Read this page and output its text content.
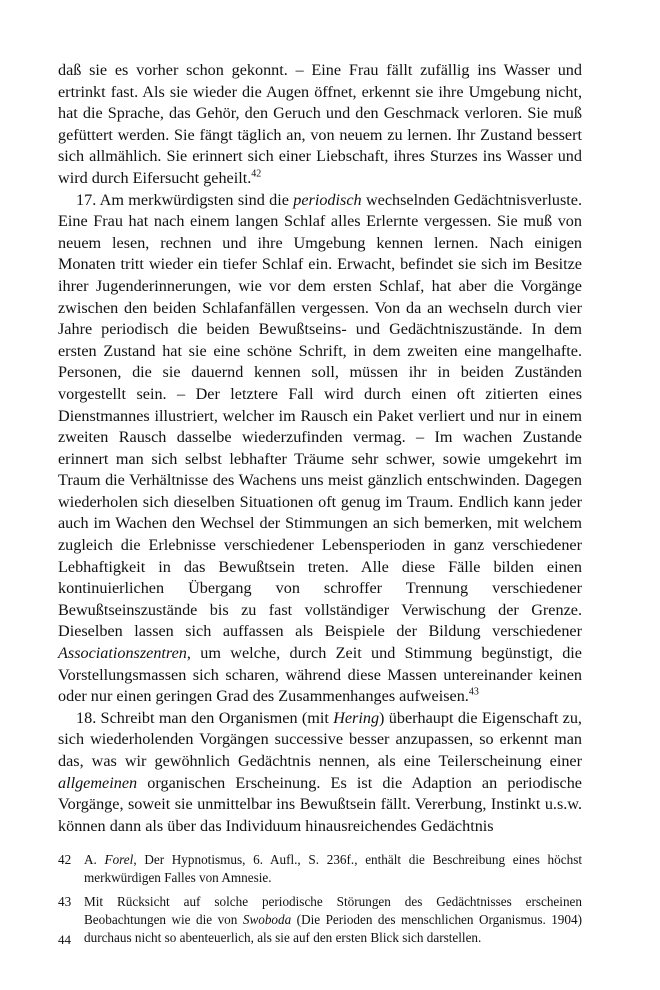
daß sie es vorher schon gekonnt. – Eine Frau fällt zufällig ins Wasser und ertrinkt fast. Als sie wieder die Augen öffnet, erkennt sie ihre Umgebung nicht, hat die Sprache, das Gehör, den Geruch und den Geschmack verloren. Sie muß gefüttert werden. Sie fängt täglich an, von neuem zu lernen. Ihr Zustand bessert sich allmählich. Sie erinnert sich einer Liebschaft, ihres Sturzes ins Wasser und wird durch Eifersucht geheilt.$^{42}$

17. Am merkwürdigsten sind die periodisch wechselnden Gedächtnisverluste. Eine Frau hat nach einem langen Schlaf alles Erlernte vergessen. Sie muß von neuem lesen, rechnen und ihre Umgebung kennen lernen. Nach einigen Monaten tritt wieder ein tiefer Schlaf ein. Erwacht, befindet sie sich im Besitze ihrer Jugenderinnerungen, wie vor dem ersten Schlaf, hat aber die Vorgänge zwischen den beiden Schlafanfällen vergessen. Von da an wechseln durch vier Jahre periodisch die beiden Bewußtseins- und Gedächtniszustände. In dem ersten Zustand hat sie eine schöne Schrift, in dem zweiten eine mangelhafte. Personen, die sie dauernd kennen soll, müssen ihr in beiden Zuständen vorgestellt sein. – Der letztere Fall wird durch einen oft zitierten eines Dienstmannes illustriert, welcher im Rausch ein Paket verliert und nur in einem zweiten Rausch dasselbe wiederzufinden vermag. – Im wachen Zustande erinnert man sich selbst lebhafter Träume sehr schwer, sowie umgekehrt im Traum die Verhältnisse des Wachens uns meist gänzlich entschwinden. Dagegen wiederholen sich dieselben Situationen oft genug im Traum. Endlich kann jeder auch im Wachen den Wechsel der Stimmungen an sich bemerken, mit welchem zugleich die Erlebnisse verschiedener Lebensperioden in ganz verschiedener Lebhaftigkeit in das Bewußtsein treten. Alle diese Fälle bilden einen kontinuierlichen Übergang von schroffer Trennung verschiedener Bewußtseinszustände bis zu fast vollständiger Verwischung der Grenze. Dieselben lassen sich auffassen als Beispiele der Bildung verschiedener Associationszentren, um welche, durch Zeit und Stimmung begünstigt, die Vorstellungsmassen sich scharen, während diese Massen untereinander keinen oder nur einen geringen Grad des Zusammenhanges aufweisen.$^{43}$

18. Schreibt man den Organismen (mit Hering) überhaupt die Eigenschaft zu, sich wiederholenden Vorgängen successive besser anzupassen, so erkennt man das, was wir gewöhnlich Gedächtnis nennen, als eine Teilerscheinung einer allgemeinen organischen Erscheinung. Es ist die Adaption an periodische Vorgänge, soweit sie unmittelbar ins Bewußtsein fällt. Vererbung, Instinkt u.s.w. können dann als über das Individuum hinausreichendes Gedächtnis

42 A. Forel, Der Hypnotismus, 6. Aufl., S. 236f., enthält die Beschreibung eines höchst merkwürdigen Falles von Amnesie.
43 Mit Rücksicht auf solche periodische Störungen des Gedächtnisses erscheinen Beobachtungen wie die von Swoboda (Die Perioden des menschlichen Organismus. 1904) durchaus nicht so abenteuerlich, als sie auf den ersten Blick sich darstellen.
44
